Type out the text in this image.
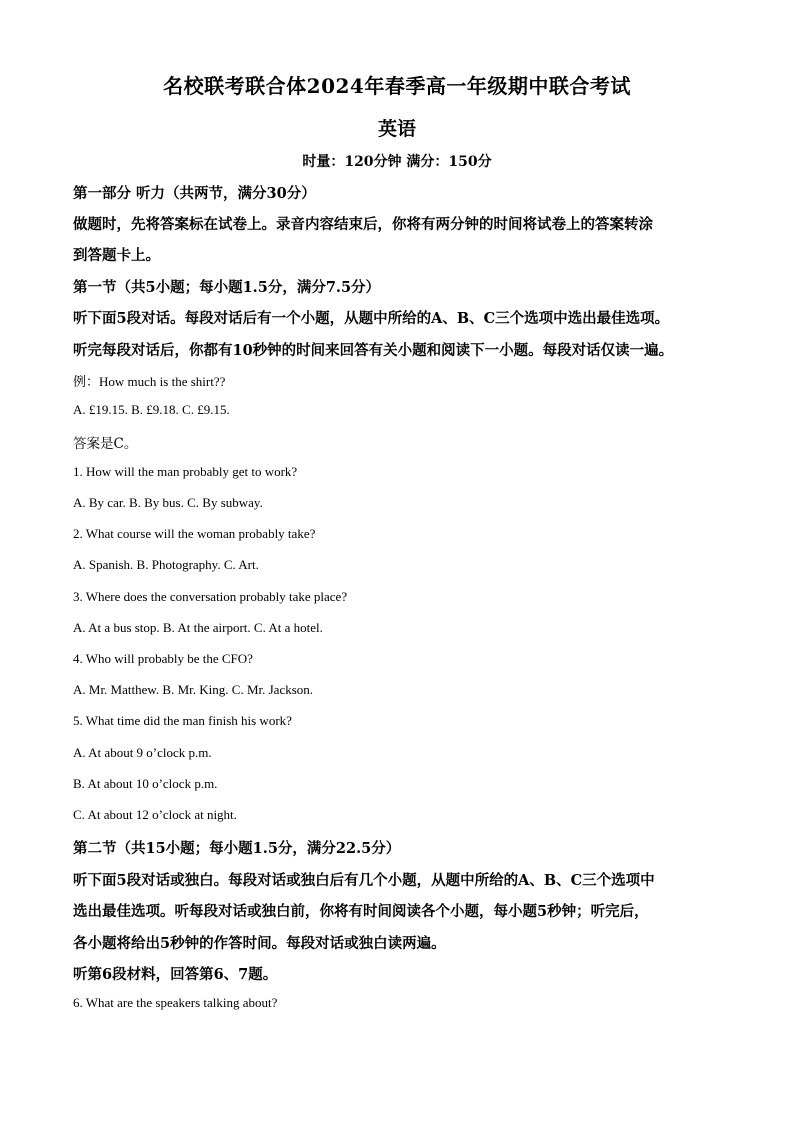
名校联考联合体2024年春季高一年级期中联合考试
英语
时量：120分钟 满分：150分
第一部分 听力（共两节，满分30分）
做题时，先将答案标在试卷上。录音内容结束后，你将有两分钟的时间将试卷上的答案转涂
到答题卡上。
第一节（共5小题；每小题1.5分，满分7.5分）
听下面5段对话。每段对话后有一个小题，从题中所给的A、B、C三个选项中选出最佳选项。
听完每段对话后，你都有10秒钟的时间来回答有关小题和阅读下一小题。每段对话仅读一遍。
例：How much is the shirt??
A. £19.15. B. £9.18. C. £9.15.
答案是C。
1. How will the man probably get to work?
A. By car. B. By bus. C. By subway.
2. What course will the woman probably take?
A. Spanish. B. Photography. C. Art.
3. Where does the conversation probably take place?
A. At a bus stop. B. At the airport. C. At a hotel.
4. Who will probably be the CFO?
A. Mr. Matthew. B. Mr. King. C. Mr. Jackson.
5. What time did the man finish his work?
A. At about 9 o’clock p.m.
B. At about 10 o’clock p.m.
C. At about 12 o’clock at night.
第二节（共15小题；每小题1.5分，满分22.5分）
听下面5段对话或独白。每段对话或独白后有几个小题，从题中所给的A、B、C三个选项中
选出最佳选项。听每段对话或独白前，你将有时间阅读各个小题，每小题5秒钟；听完后，
各小题将给出5秒钟的作答时间。每段对话或独白读两遍。
听第6段材料，回答第6、7题。
6. What are the speakers talking about?
